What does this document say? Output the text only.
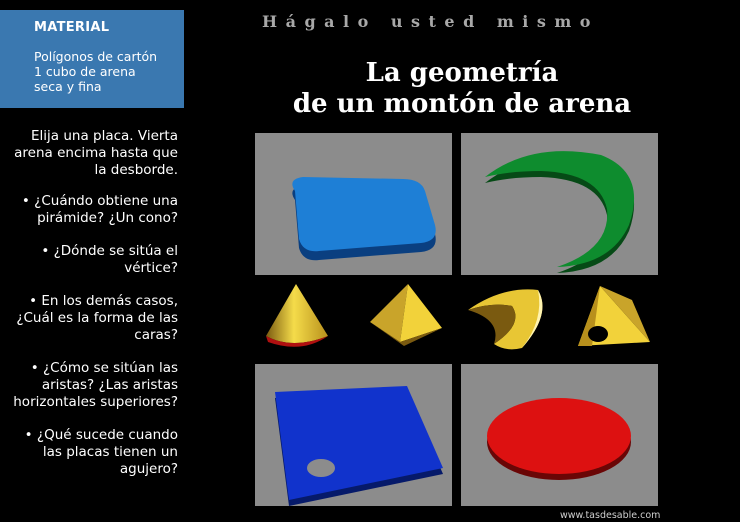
MATERIAL
Polígonos de cartón
1 cubo de arena
seca y fina
Elija una placa. Vierta
arena encima hasta que
la desborde.
• ¿Cuándo obtiene una
pirámide? ¿Un cono?
• ¿Dónde se sitúa el
vértice?
• En los demás casos,
¿Cuál es la forma de las
caras?
• ¿Cómo se sitúan las
aristas? ¿Las aristas
horizontales superiores?
• ¿Qué sucede cuando
las placas tienen un
agujero?
Hágalo usted mismo
La geometría
de un montón de arena
www.tasdesable.com
